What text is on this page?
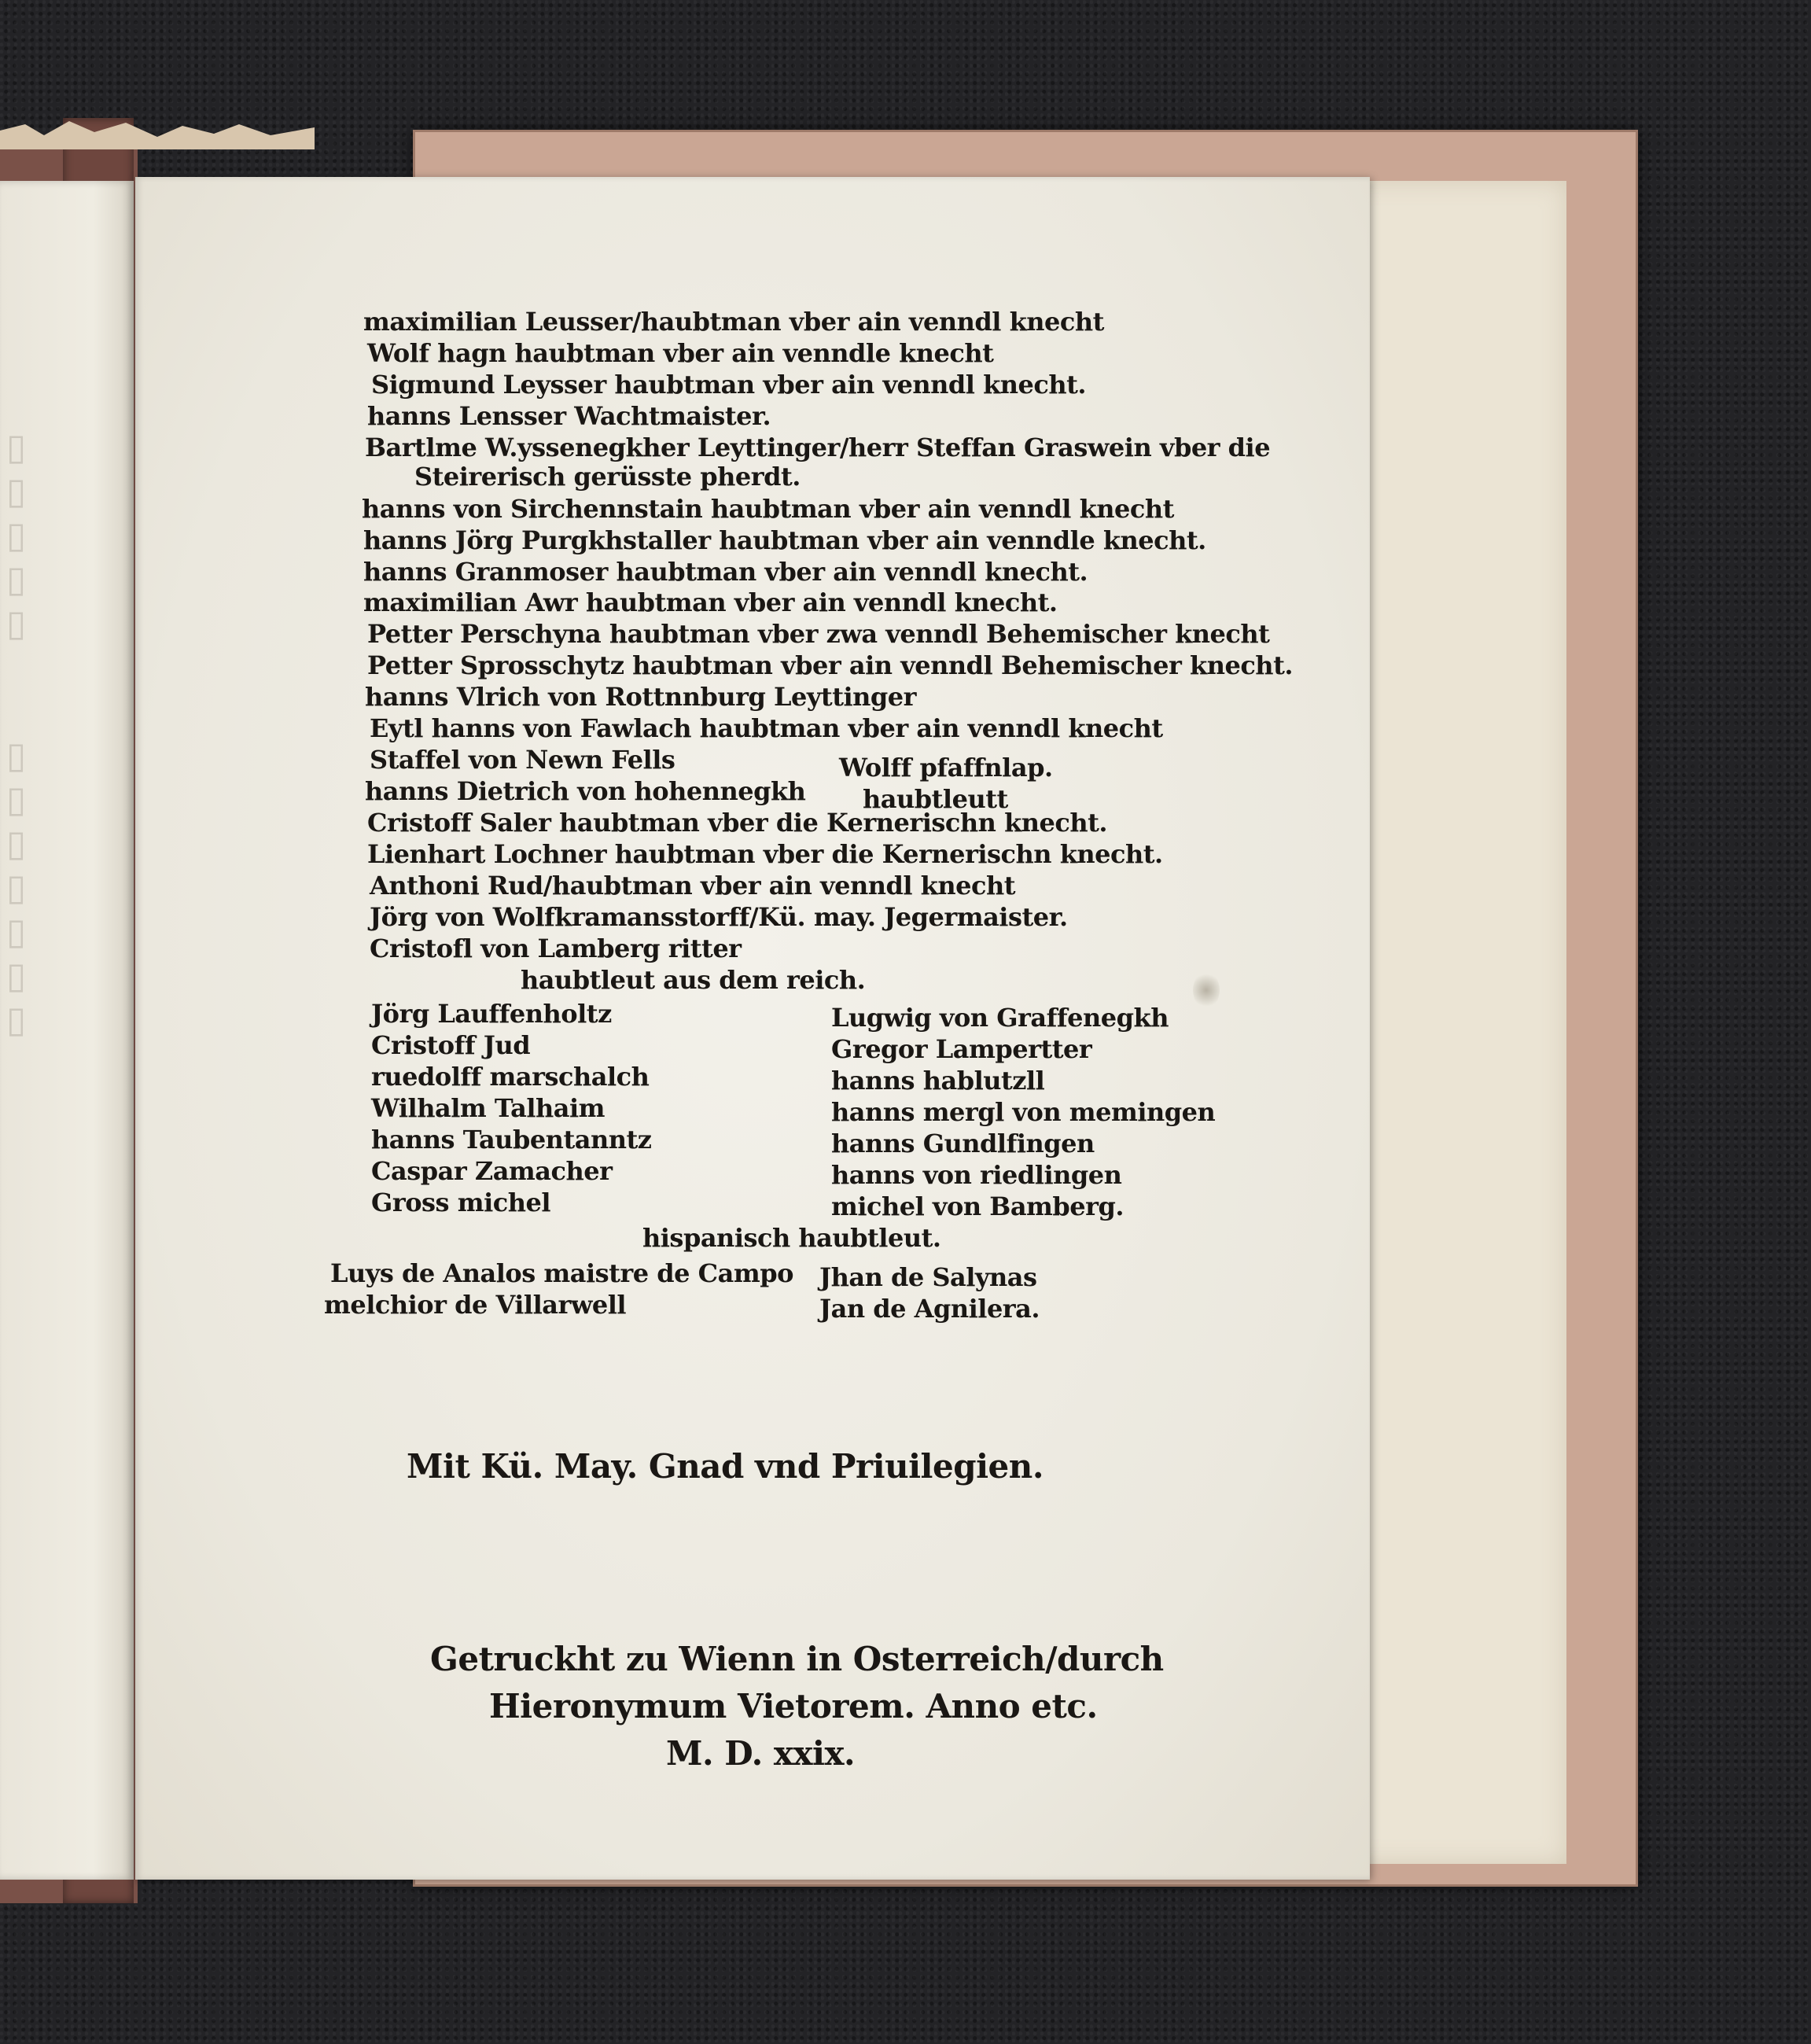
▯
▯
▯
▯
▯

▯
▯
▯
▯
▯
▯
▯
maximilian Leusser/haubtman vber ain venndl knecht
Wolf hagn haubtman vber ain venndle knecht
Sigmund Leysser haubtman vber ain venndl knecht.
hanns Lensser Wachtmaister.
Bartlme W.yssenegkher Leyttinger/herr Steffan Graswein vber die
Steirerisch gerüsste pherdt.
hanns von Sirchennstain haubtman vber ain venndl knecht
hanns Jörg Purgkhstaller haubtman vber ain venndle knecht.
hanns Granmoser haubtman vber ain venndl knecht.
maximilian Awr haubtman vber ain venndl knecht.
Petter Perschyna haubtman vber zwa venndl Behemischer knecht
Petter Sprosschytz haubtman vber ain venndl Behemischer knecht.
hanns Vlrich von Rottnnburg Leyttinger
Eytl hanns von Fawlach haubtman vber ain venndl knecht
Staffel von Newn Fells	Wolff pfaffnlap.
hanns Dietrich von hohennegkh haubtleutt
Cristoff Saler haubtman vber die Kernerischn knecht.
Lienhart Lochner haubtman vber die Kernerischn knecht.
Anthoni Rud/haubtman vber ain venndl knecht
Jörg von Wolfkramansstorff/Kü. may. Jegermaister.
Cristofl von Lamberg ritter
haubtleut aus dem reich.
Jörg Lauffenholtz
Cristoff Jud
ruedolff marschalch
Wilhalm Talhaim
hanns Taubentanntz
Caspar Zamacher
Gross michel
Lugwig von Graffenegkh
Gregor Lampertter
hanns hablutzll
hanns mergl von memingen
hanns Gundlfingen
hanns von riedlingen
michel von Bamberg.
hispanisch haubtleut.
Luys de Analos maistre de Campo
melchior de Villarwell
Jhan de Salynas
Jan de Agnilera.
Mit Kü. May. Gnad vnd Priuilegien.
Getruckht zu Wienn in Osterreich/durch
Hieronymum Vietorem. Anno etc.
M. D. xxix.
